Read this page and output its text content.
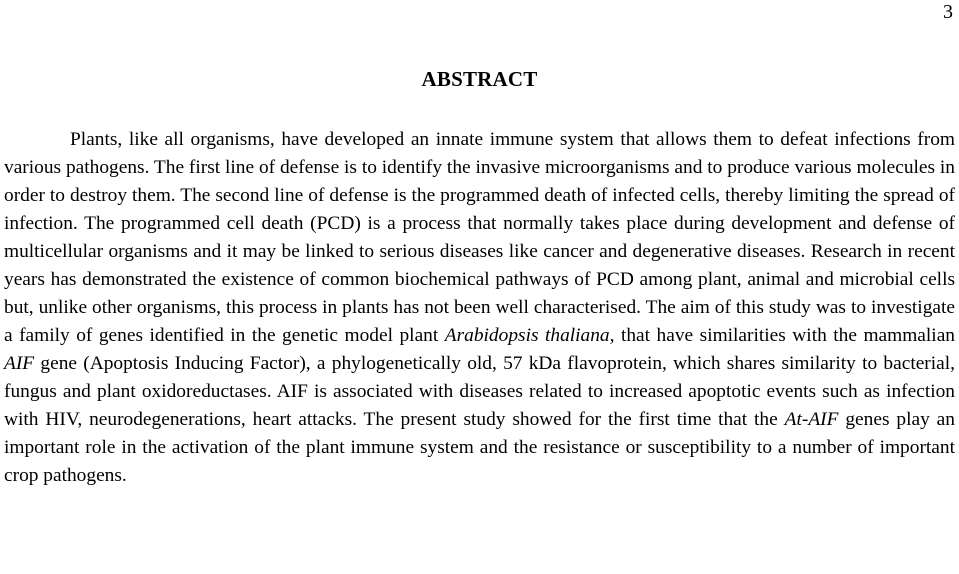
3
ABSTRACT

Plants, like all organisms, have developed an innate immune system that allows them to defeat infections from various pathogens. The first line of defense is to identify the invasive microorganisms and to produce various molecules in order to destroy them. The second line of defense is the programmed death of infected cells, thereby limiting the spread of infection. The programmed cell death (PCD) is a process that normally takes place during development and defense of multicellular organisms and it may be linked to serious diseases like cancer and degenerative diseases. Research in recent years has demonstrated the existence of common biochemical pathways of PCD among plant, animal and microbial cells but, unlike other organisms, this process in plants has not been well characterised. The aim of this study was to investigate a family of genes identified in the genetic model plant Arabidopsis thaliana, that have similarities with the mammalian AIF gene (Apoptosis Inducing Factor), a phylogenetically old, 57 kDa flavoprotein, which shares similarity to bacterial, fungus and plant oxidoreductases. AIF is associated with diseases related to increased apoptotic events such as infection with HIV, neurodegenerations, heart attacks. The present study showed for the first time that the At-AIF genes play an important role in the activation of the plant immune system and the resistance or susceptibility to a number of important crop pathogens.
